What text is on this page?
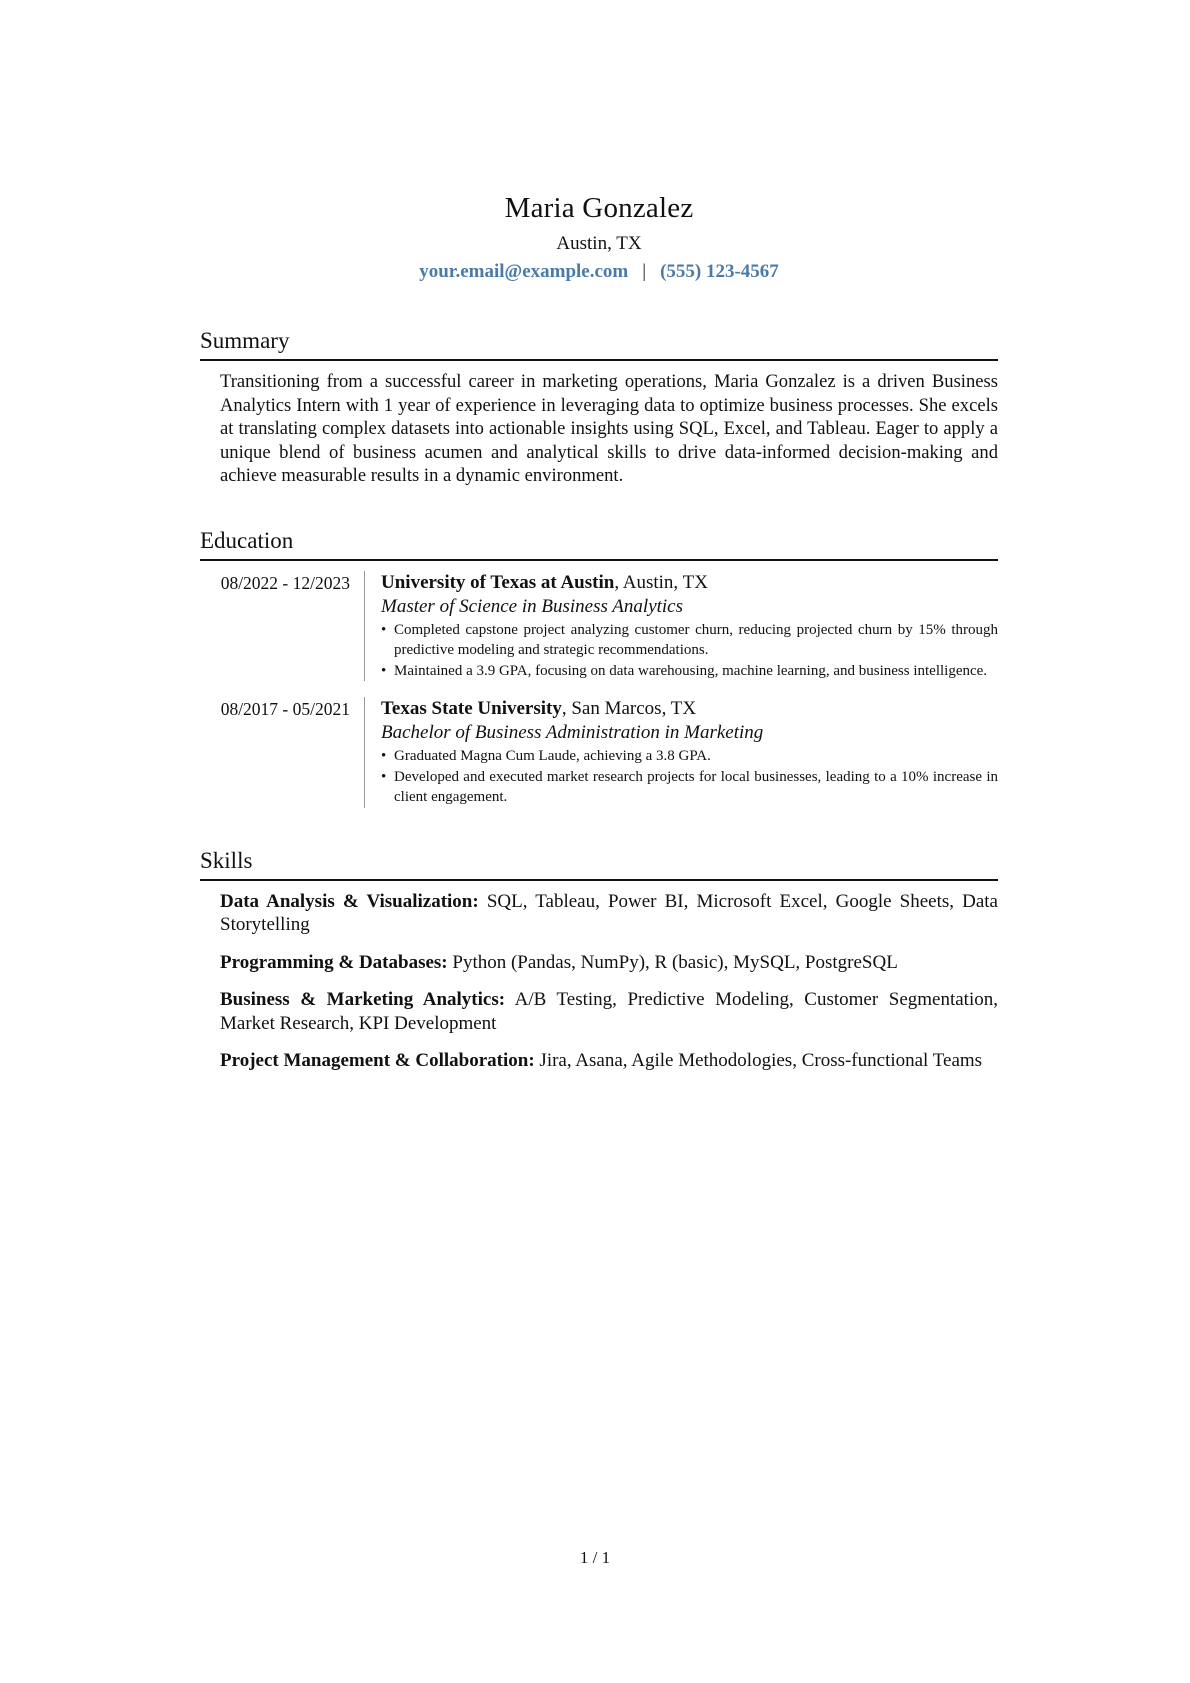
Maria Gonzalez
Austin, TX
your.email@example.com | (555) 123-4567
Summary

Transitioning from a successful career in marketing operations, Maria Gonzalez is a driven Business Analytics Intern with 1 year of experience in leveraging data to optimize business processes. She excels at translating complex datasets into actionable insights using SQL, Excel, and Tableau. Eager to apply a unique blend of business acumen and analytical skills to drive data-informed decision-making and achieve measurable results in a dynamic environment.

Education
08/2022 - 12/2023	University of Texas at Austin, Austin, TX
Master of Science in Business Analytics
• Completed capstone project analyzing customer churn, reducing projected churn by 15% through predictive modeling and strategic recommendations.
• Maintained a 3.9 GPA, focusing on data warehousing, machine learning, and business intelligence.
08/2017 - 05/2021	Texas State University, San Marcos, TX
Bachelor of Business Administration in Marketing
• Graduated Magna Cum Laude, achieving a 3.8 GPA.
• Developed and executed market research projects for local businesses, leading to a 10% increase in client engagement.
Skills

Data Analysis & Visualization: SQL, Tableau, Power BI, Microsoft Excel, Google Sheets, Data Storytelling

Programming & Databases: Python (Pandas, NumPy), R (basic), MySQL, PostgreSQL

Business & Marketing Analytics: A/B Testing, Predictive Modeling, Customer Segmentation, Market Research, KPI Development

Project Management & Collaboration: Jira, Asana, Agile Methodologies, Cross-functional Teams

1 / 1
